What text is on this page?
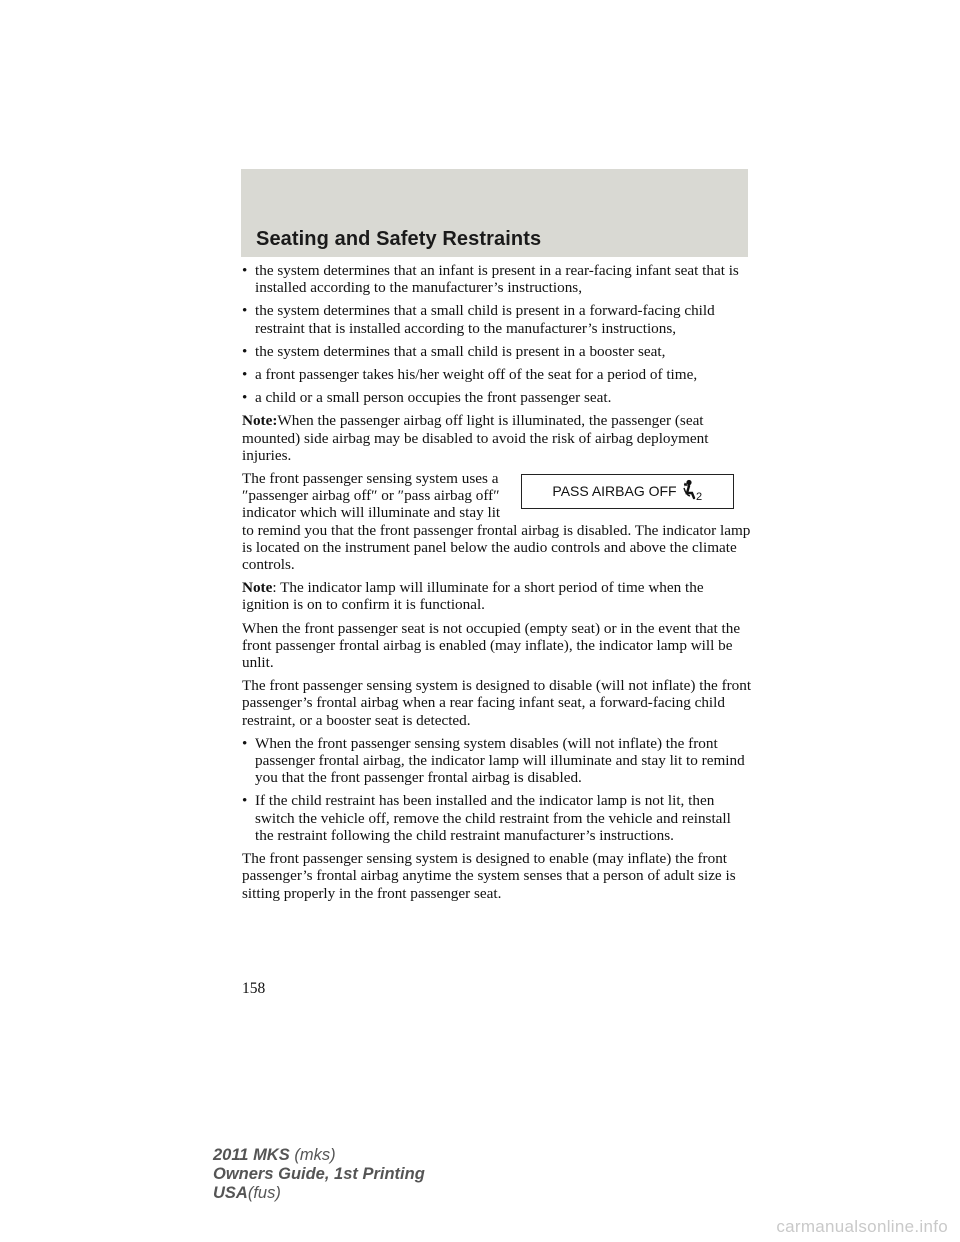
Seating and Safety Restraints
• the system determines that an infant is present in a rear-facing infant seat that is installed according to the manufacturer’s instructions,
• the system determines that a small child is present in a forward-facing child restraint that is installed according to the manufacturer’s instructions,
• the system determines that a small child is present in a booster seat,
• a front passenger takes his/her weight off of the seat for a period of time,
• a child or a small person occupies the front passenger seat.

Note:When the passenger airbag off light is illuminated, the passenger (seat mounted) side airbag may be disabled to avoid the risk of airbag deployment injuries.

PASS AIRBAG OFF 2

The front passenger sensing system uses a ″passenger airbag off″ or ″pass airbag off″ indicator which will illuminate and stay lit to remind you that the front passenger frontal airbag is disabled. The indicator lamp is located on the instrument panel below the audio controls and above the climate controls.

Note: The indicator lamp will illuminate for a short period of time when the ignition is on to confirm it is functional.

When the front passenger seat is not occupied (empty seat) or in the event that the front passenger frontal airbag is enabled (may inflate), the indicator lamp will be unlit.

The front passenger sensing system is designed to disable (will not inflate) the front passenger’s frontal airbag when a rear facing infant seat, a forward-facing child restraint, or a booster seat is detected.

• When the front passenger sensing system disables (will not inflate) the front passenger frontal airbag, the indicator lamp will illuminate and stay lit to remind you that the front passenger frontal airbag is disabled.
• If the child restraint has been installed and the indicator lamp is not lit, then switch the vehicle off, remove the child restraint from the vehicle and reinstall the restraint following the child restraint manufacturer’s instructions.

The front passenger sensing system is designed to enable (may inflate) the front passenger’s frontal airbag anytime the system senses that a person of adult size is sitting properly in the front passenger seat.

158
2011 MKS (mks)
Owners Guide, 1st Printing
USA(fus)
carmanualsonline.info
